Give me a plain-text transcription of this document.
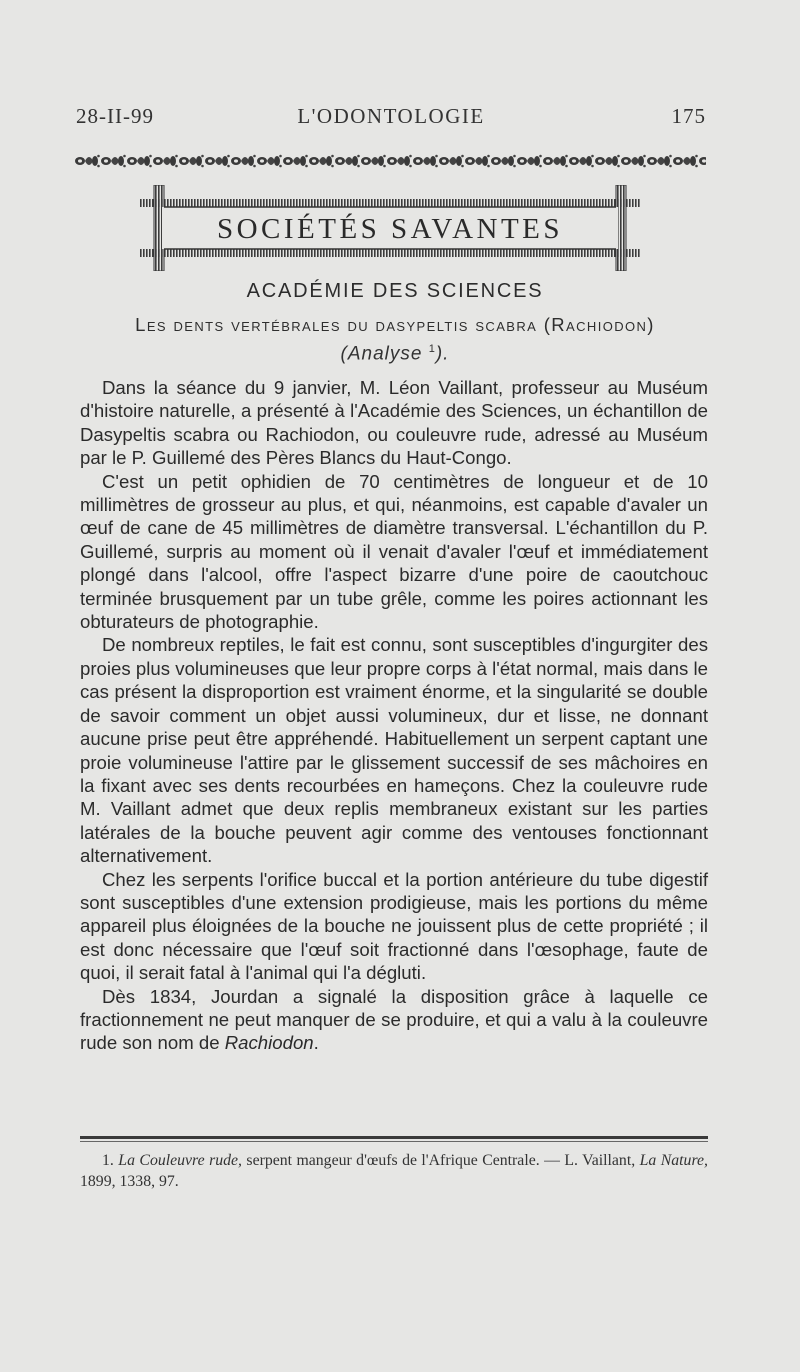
28-II-99	L'ODONTOLOGIE	175
SOCIÉTÉS SAVANTES
ACADÉMIE DES SCIENCES
Les dents vertébrales du dasypeltis scabra (Rachiodon)
(Analyse $^1$).

Dans la séance du 9 janvier, M. Léon Vaillant, professeur au Muséum d'histoire naturelle, a présenté à l'Académie des Sciences, un échantillon de Dasypeltis scabra ou Rachiodon, ou couleuvre rude, adressé au Muséum par le P. Guillemé des Pères Blancs du Haut-Congo.

C'est un petit ophidien de 70 centimètres de longueur et de 10 millimètres de grosseur au plus, et qui, néanmoins, est capable d'avaler un œuf de cane de 45 millimètres de diamètre transversal. L'échantillon du P. Guillemé, surpris au moment où il venait d'avaler l'œuf et immédiatement plongé dans l'alcool, offre l'aspect bizarre d'une poire de caoutchouc terminée brusquement par un tube grêle, comme les poires actionnant les obturateurs de photographie.

De nombreux reptiles, le fait est connu, sont susceptibles d'ingurgiter des proies plus volumineuses que leur propre corps à l'état normal, mais dans le cas présent la disproportion est vraiment énorme, et la singularité se double de savoir comment un objet aussi volumineux, dur et lisse, ne donnant aucune prise peut être appréhendé. Habituellement un serpent captant une proie volumineuse l'attire par le glissement successif de ses mâchoires en la fixant avec ses dents recourbées en hameçons. Chez la couleuvre rude M. Vaillant admet que deux replis membraneux existant sur les parties latérales de la bouche peuvent agir comme des ventouses fonctionnant alternativement.

Chez les serpents l'orifice buccal et la portion antérieure du tube digestif sont susceptibles d'une extension prodigieuse, mais les portions du même appareil plus éloignées de la bouche ne jouissent plus de cette propriété ; il est donc nécessaire que l'œuf soit fractionné dans l'œsophage, faute de quoi, il serait fatal à l'animal qui l'a dégluti.

Dès 1834, Jourdan a signalé la disposition grâce à laquelle ce fractionnement ne peut manquer de se produire, et qui a valu à la couleuvre rude son nom de Rachiodon.

1. La Couleuvre rude, serpent mangeur d'œufs de l'Afrique Centrale. — L. Vaillant, La Nature, 1899, 1338, 97.
